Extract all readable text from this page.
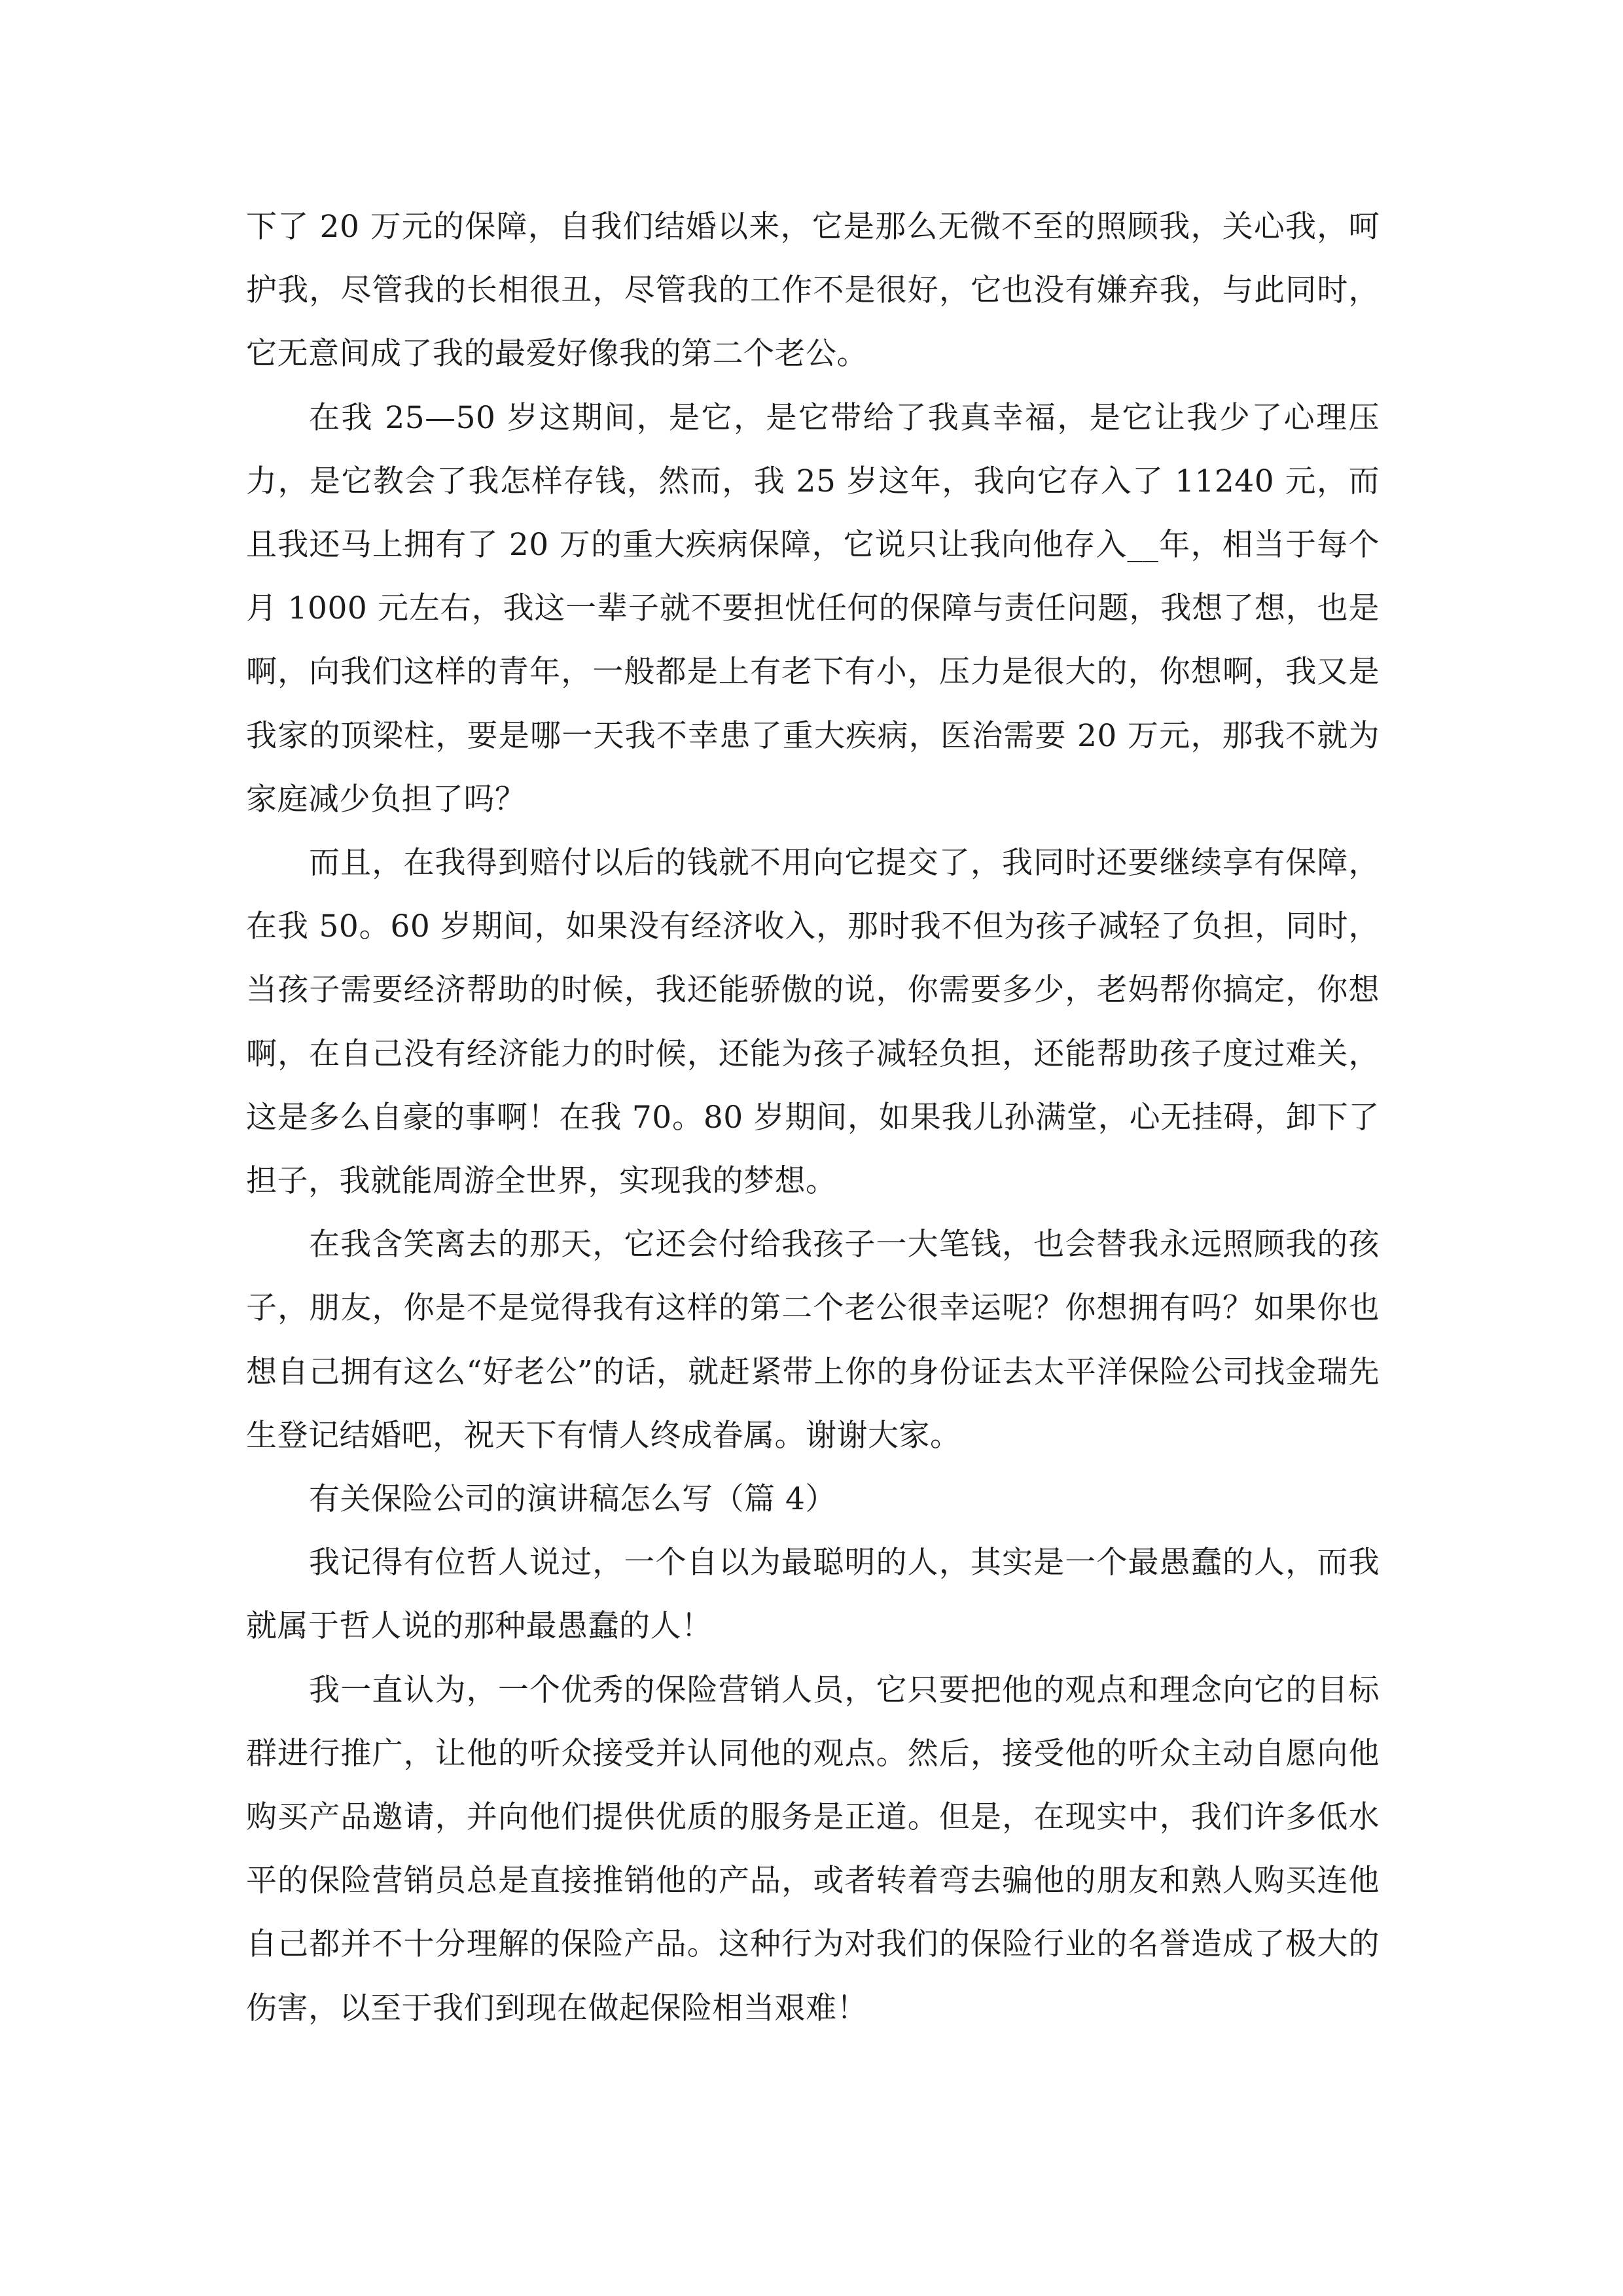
下了 20 万元的保障，自我们结婚以来，它是那么无微不至的照顾我，关心我，呵护我，尽管我的长相很丑，尽管我的工作不是很好，它也没有嫌弃我，与此同时，它无意间成了我的最爱好像我的第二个老公。

在我 25—50 岁这期间，是它，是它带给了我真幸福，是它让我少了心理压力，是它教会了我怎样存钱，然而，我 25 岁这年，我向它存入了 11240 元，而且我还马上拥有了 20 万的重大疾病保障，它说只让我向他存入__年，相当于每个月 1000 元左右，我这一辈子就不要担忧任何的保障与责任问题，我想了想，也是啊，向我们这样的青年，一般都是上有老下有小，压力是很大的，你想啊，我又是我家的顶梁柱，要是哪一天我不幸患了重大疾病，医治需要 20 万元，那我不就为家庭减少负担了吗？

而且，在我得到赔付以后的钱就不用向它提交了，我同时还要继续享有保障，在我 50。60 岁期间，如果没有经济收入，那时我不但为孩子减轻了负担，同时，当孩子需要经济帮助的时候，我还能骄傲的说，你需要多少，老妈帮你搞定，你想啊，在自己没有经济能力的时候，还能为孩子减轻负担，还能帮助孩子度过难关，这是多么自豪的事啊！在我 70。80 岁期间，如果我儿孙满堂，心无挂碍，卸下了担子，我就能周游全世界，实现我的梦想。

在我含笑离去的那天，它还会付给我孩子一大笔钱，也会替我永远照顾我的孩子，朋友，你是不是觉得我有这样的第二个老公很幸运呢？你想拥有吗？如果你也想自己拥有这么“好老公”的话，就赶紧带上你的身份证去太平洋保险公司找金瑞先生登记结婚吧，祝天下有情人终成眷属。谢谢大家。

有关保险公司的演讲稿怎么写（篇 4）

我记得有位哲人说过，一个自以为最聪明的人，其实是一个最愚蠢的人，而我就属于哲人说的那种最愚蠢的人！

我一直认为，一个优秀的保险营销人员，它只要把他的观点和理念向它的目标群进行推广，让他的听众接受并认同他的观点。然后，接受他的听众主动自愿向他购买产品邀请，并向他们提供优质的服务是正道。但是，在现实中，我们许多低水平的保险营销员总是直接推销他的产品，或者转着弯去骗他的朋友和熟人购买连他自己都并不十分理解的保险产品。这种行为对我们的保险行业的名誉造成了极大的伤害，以至于我们到现在做起保险相当艰难！
